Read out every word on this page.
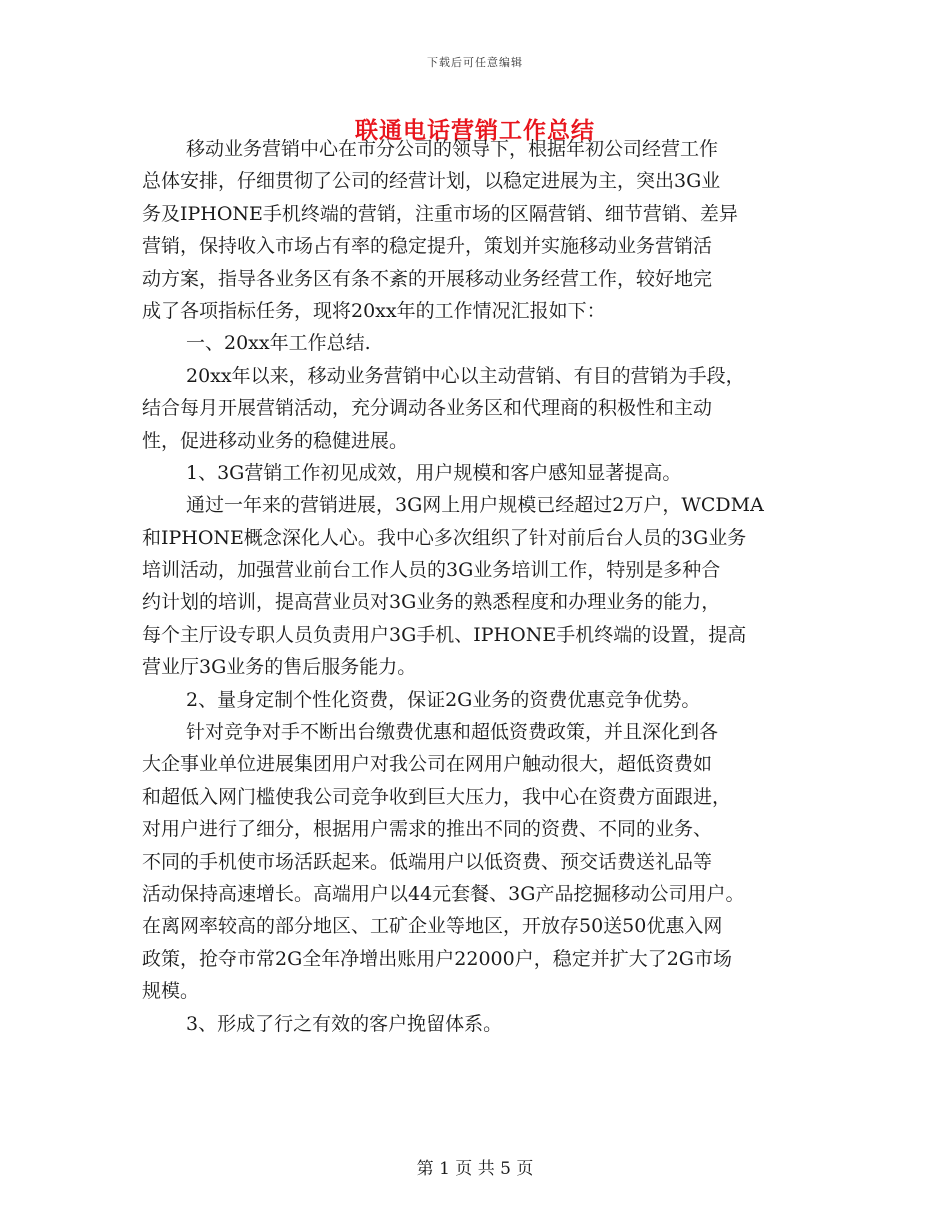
下载后可任意编辑
联通电话营销工作总结
移动业务营销中心在市分公司的领导下，根据年初公司经营工作
总体安排，仔细贯彻了公司的经营计划，以稳定进展为主，突出3G业
务及IPHONE手机终端的营销，注重市场的区隔营销、细节营销、差异
营销，保持收入市场占有率的稳定提升，策划并实施移动业务营销活
动方案，指导各业务区有条不紊的开展移动业务经营工作，较好地完
成了各项指标任务，现将20xx年的工作情况汇报如下：
一、20xx年工作总结.
20xx年以来，移动业务营销中心以主动营销、有目的营销为手段，
结合每月开展营销活动，充分调动各业务区和代理商的积极性和主动
性，促进移动业务的稳健进展。
1、3G营销工作初见成效，用户规模和客户感知显著提高。
通过一年来的营销进展，3G网上用户规模已经超过2万户，WCDMA
和IPHONE概念深化人心。我中心多次组织了针对前后台人员的3G业务
培训活动，加强营业前台工作人员的3G业务培训工作，特别是多种合
约计划的培训，提高营业员对3G业务的熟悉程度和办理业务的能力，
每个主厅设专职人员负责用户3G手机、IPHONE手机终端的设置，提高
营业厅3G业务的售后服务能力。
2、量身定制个性化资费，保证2G业务的资费优惠竞争优势。
针对竞争对手不断出台缴费优惠和超低资费政策，并且深化到各
大企事业单位进展集团用户对我公司在网用户触动很大，超低资费如
和超低入网门槛使我公司竞争收到巨大压力，我中心在资费方面跟进，
对用户进行了细分，根据用户需求的推出不同的资费、不同的业务、
不同的手机使市场活跃起来。低端用户以低资费、预交话费送礼品等
活动保持高速增长。高端用户以44元套餐、3G产品挖掘移动公司用户。
在离网率较高的部分地区、工矿企业等地区，开放存50送50优惠入网
政策，抢夺市常2G全年净增出账用户22000户，稳定并扩大了2G市场
规模。
3、形成了行之有效的客户挽留体系。
第 1 页 共 5 页
